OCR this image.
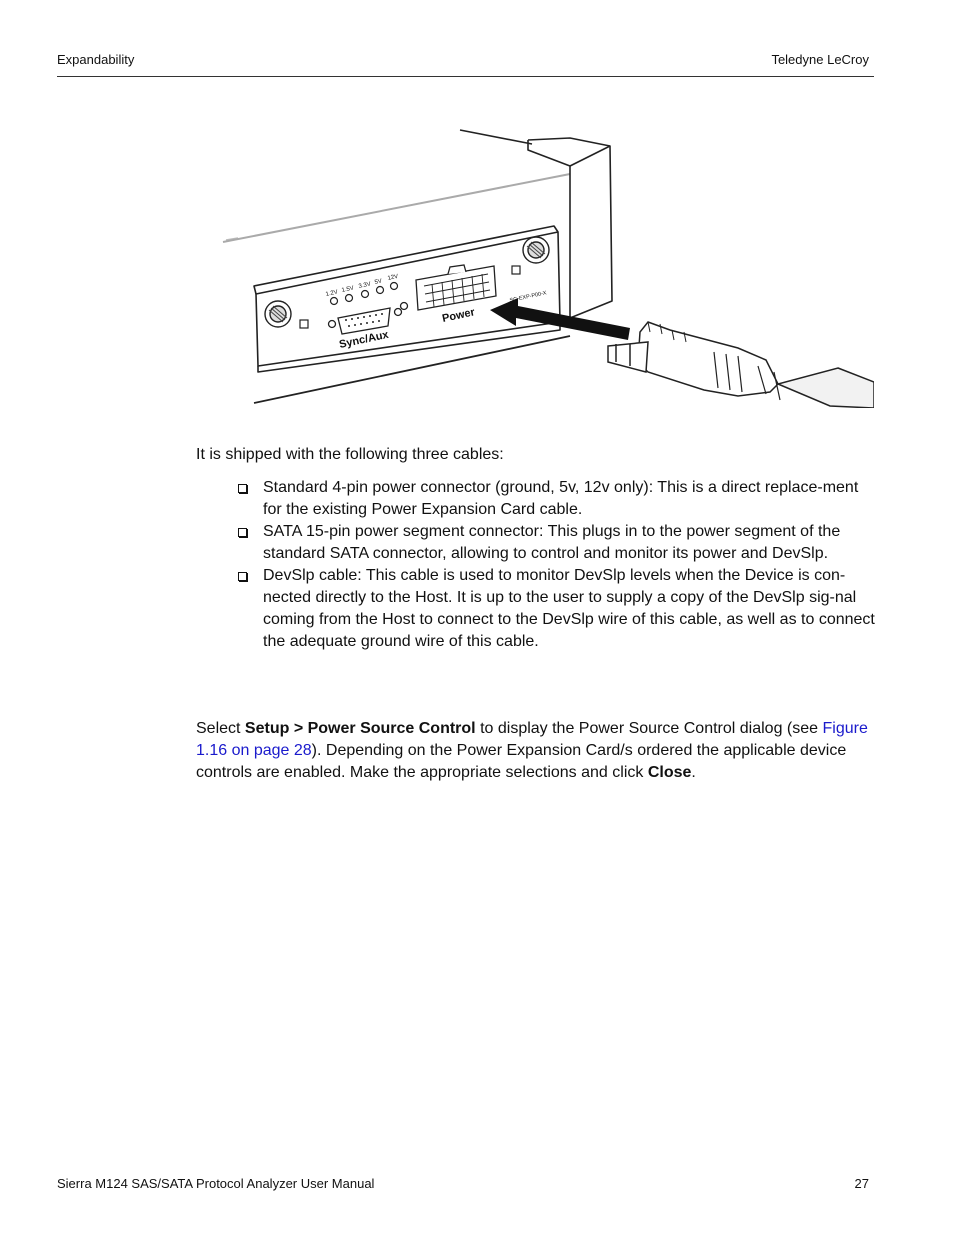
Expandability	Teledyne LeCroy
1.2V 1.5V 3.3V 5V
12V
Sync/Aux
Power
SC-EXP-P00-X
It is shipped with the following three cables:
Standard 4-pin power connector (ground, 5v, 12v only): This is a direct replace-ment for the existing Power Expansion Card cable.
SATA 15-pin power segment connector: This plugs in to the power segment of the standard SATA connector, allowing to control and monitor its power and DevSlp.
DevSlp cable: This cable is used to monitor DevSlp levels when the Device is con-nected directly to the Host. It is up to the user to supply a copy of the DevSlp sig-nal coming from the Host to connect to the DevSlp wire of this cable, as well as to connect the adequate ground wire of this cable.
Select Setup > Power Source Control to display the Power Source Control dialog (see Figure 1.16 on page 28). Depending on the Power Expansion Card/s ordered the applicable device controls are enabled. Make the appropriate selections and click Close.
Sierra M124 SAS/SATA Protocol Analyzer User Manual	27
